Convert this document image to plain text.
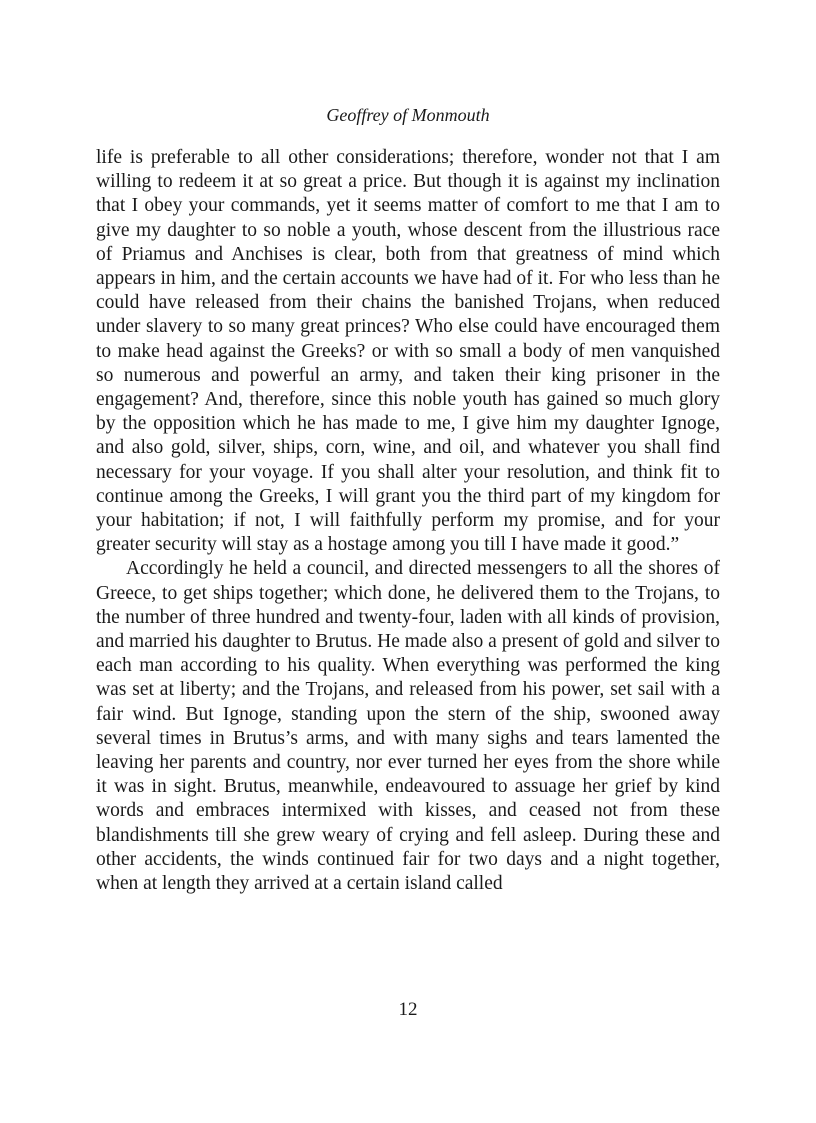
Geoffrey of Monmouth

life is preferable to all other considerations; therefore, wonder not that I am willing to redeem it at so great a price. But though it is against my inclination that I obey your commands, yet it seems matter of comfort to me that I am to give my daughter to so noble a youth, whose descent from the illustrious race of Priamus and Anchises is clear, both from that greatness of mind which appears in him, and the certain accounts we have had of it. For who less than he could have released from their chains the banished Trojans, when reduced under slavery to so many great princes? Who else could have encouraged them to make head against the Greeks? or with so small a body of men vanquished so numerous and powerful an army, and taken their king prisoner in the engagement? And, therefore, since this noble youth has gained so much glory by the opposition which he has made to me, I give him my daughter Ignoge, and also gold, silver, ships, corn, wine, and oil, and whatever you shall find necessary for your voyage. If you shall alter your resolution, and think fit to continue among the Greeks, I will grant you the third part of my kingdom for your habitation; if not, I will faithfully perform my promise, and for your greater security will stay as a hostage among you till I have made it good.”

Accordingly he held a council, and directed messengers to all the shores of Greece, to get ships together; which done, he delivered them to the Trojans, to the number of three hundred and twenty-four, laden with all kinds of provision, and married his daughter to Brutus. He made also a present of gold and silver to each man according to his quality. When everything was performed the king was set at liberty; and the Trojans, and released from his power, set sail with a fair wind. But Ignoge, standing upon the stern of the ship, swooned away several times in Brutus’s arms, and with many sighs and tears lamented the leaving her parents and country, nor ever turned her eyes from the shore while it was in sight. Brutus, meanwhile, endeavoured to assuage her grief by kind words and embraces intermixed with kisses, and ceased not from these blandishments till she grew weary of crying and fell asleep. During these and other accidents, the winds continued fair for two days and a night together, when at length they arrived at a certain island called

12
